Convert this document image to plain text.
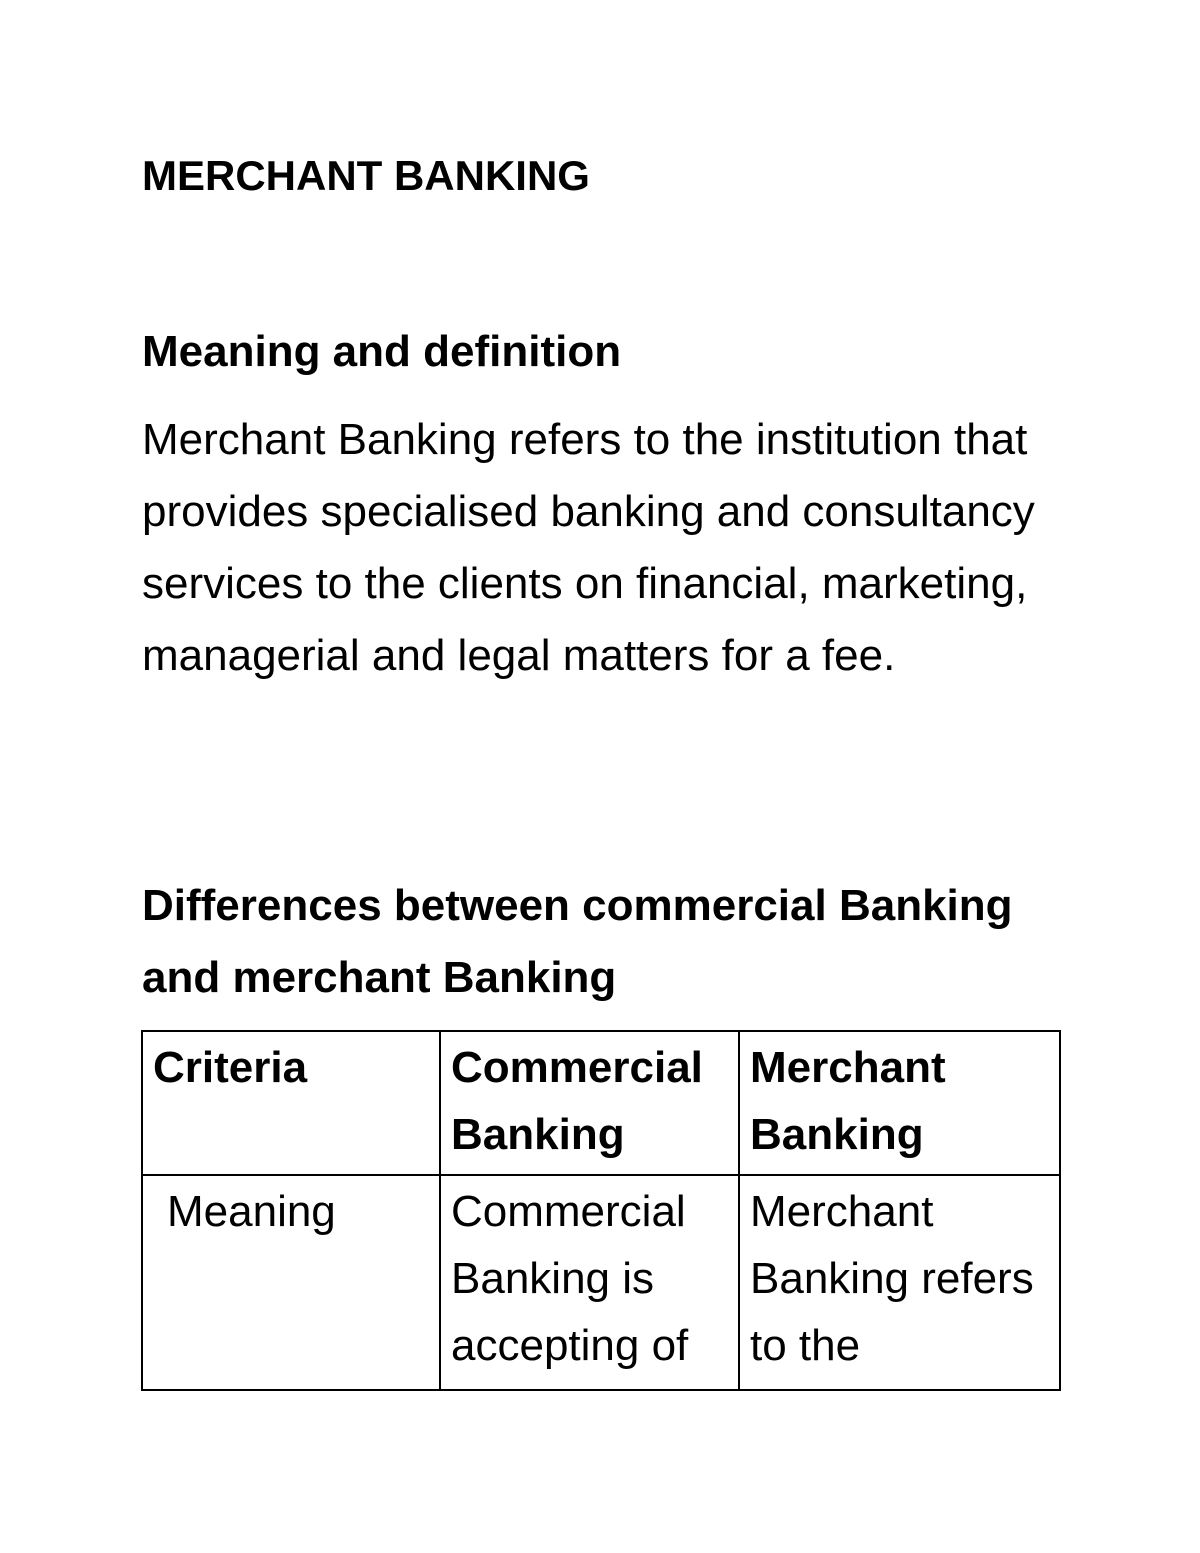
MERCHANT BANKING
Meaning and definition

Merchant Banking refers to the institution that provides specialised banking and consultancy services to the clients on financial, marketing, managerial and legal matters for a fee.

Differences between commercial Banking and merchant Banking
Criteria	Commercial Banking	Merchant Banking
Meaning	Commercial Banking is accepting of	Merchant Banking refers to the
